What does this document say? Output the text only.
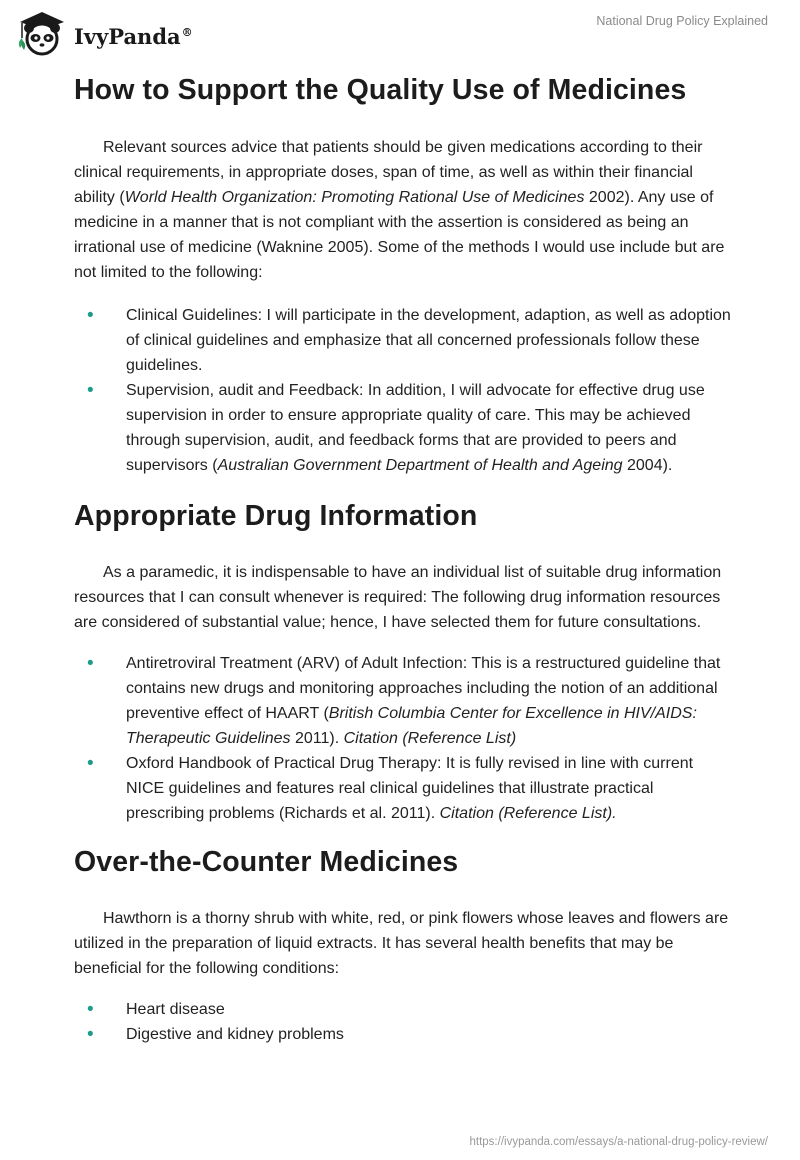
IvyPanda®
National Drug Policy Explained
How to Support the Quality Use of Medicines

Relevant sources advice that patients should be given medications according to their clinical requirements, in appropriate doses, span of time, as well as within their financial ability (World Health Organization: Promoting Rational Use of Medicines 2002). Any use of medicine in a manner that is not compliant with the assertion is considered as being an irrational use of medicine (Waknine 2005). Some of the methods I would use include but are not limited to the following:

• Clinical Guidelines: I will participate in the development, adaption, as well as adoption of clinical guidelines and emphasize that all concerned professionals follow these guidelines.
• Supervision, audit and Feedback: In addition, I will advocate for effective drug use supervision in order to ensure appropriate quality of care. This may be achieved through supervision, audit, and feedback forms that are provided to peers and supervisors (Australian Government Department of Health and Ageing 2004).
Appropriate Drug Information

As a paramedic, it is indispensable to have an individual list of suitable drug information resources that I can consult whenever is required: The following drug information resources are considered of substantial value; hence, I have selected them for future consultations.

• Antiretroviral Treatment (ARV) of Adult Infection: This is a restructured guideline that contains new drugs and monitoring approaches including the notion of an additional preventive effect of HAART (British Columbia Center for Excellence in HIV/AIDS: Therapeutic Guidelines 2011). Citation (Reference List)
• Oxford Handbook of Practical Drug Therapy: It is fully revised in line with current NICE guidelines and features real clinical guidelines that illustrate practical prescribing problems (Richards et al. 2011). Citation (Reference List).
Over-the-Counter Medicines

Hawthorn is a thorny shrub with white, red, or pink flowers whose leaves and flowers are utilized in the preparation of liquid extracts. It has several health benefits that may be beneficial for the following conditions:

• Heart disease
• Digestive and kidney problems
https://ivypanda.com/essays/a-national-drug-policy-review/
